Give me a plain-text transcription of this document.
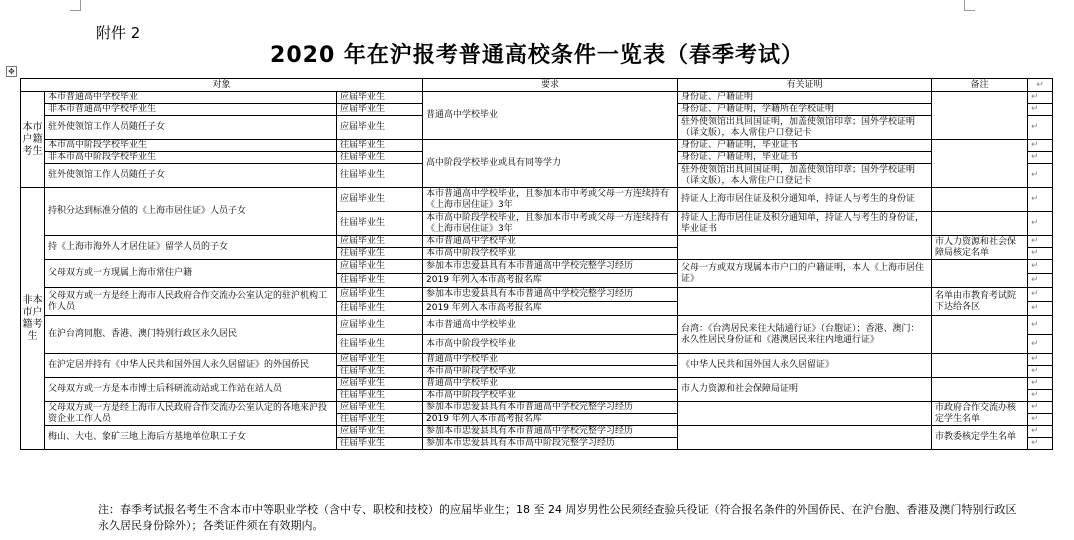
附件 2
2020 年在沪报考普通高校条件一览表（春季考试）
✥
对象			要求	有关证明	备注	↵
本市户籍考生	本市普通高中学校毕业	应届毕业生	普通高中学校毕业	身份证、户籍证明		↵
	非本市普通高中学校毕业生	应届毕业生		身份证、户籍证明，学籍所在学校证明		↵
	驻外使领馆工作人员随任子女	应届毕业生		驻外使领馆出具回国证明，加盖使领馆印章；国外学校证明（译文版），本人常住户口登记卡		↵
	本市高中阶段学校毕业生	往届毕业生	高中阶段学校毕业或具有同等学力	身份证、户籍证明，毕业证书		↵
	非本市高中阶段学校毕业生	往届毕业生		身份证、户籍证明，毕业证书		↵
	驻外使领馆工作人员随任子女	往届毕业生		驻外使领馆出具回国证明，加盖使领馆印章；国外学校证明（译文版），本人常住户口登记卡		↵
非本市户籍考生	持积分达到标准分值的《上海市居住证》人员子女	应届毕业生	本市普通高中学校毕业，且参加本市中考或父母一方连续持有《上海市居住证》3年	持证人上海市居住证及积分通知单，持证人与考生的身份证		↵
		往届毕业生	本市高中阶段学校毕业，且参加本市中考或父母一方连续持有《上海市居住证》3年	持证人上海市居住证及积分通知单，持证人与考生的身份证，毕业证书		↵
	持《上海市海外人才居住证》留学人员的子女	应届毕业生	本市普通高中学校毕业		市人力资源和社会保障局核定名单	↵
		往届毕业生	本市高中阶段学校毕业			↵
	父母双方或一方现属上海市常住户籍	应届毕业生	参加本市忠爱县具有本市普通高中学校完整学习经历	父母一方或双方现属本市户口的户籍证明，本人《上海市居住证》		↵
		往届毕业生	2019 年列入本市高考报名库			↵
	父母双方或一方是经上海市人民政府合作交流办公室认定的驻沪机构工作人员	应届毕业生	参加本市忠爱县具有本市普通高中学校完整学习经历		名单由市教育考试院下达给各区	↵
		往届毕业生	2019 年列入本市高考报名库			↵
	在沪台湾同胞、香港、澳门特别行政区永久居民	应届毕业生	本市普通高中学校毕业	台湾：《台湾居民来往大陆通行证》（台胞证）；香港、澳门：永久性居民身份证和《港澳居民来往内地通行证》		↵
		往届毕业生	本市高中阶段学校毕业			↵
	在沪定居并持有《中华人民共和国外国人永久居留证》的外国侨民	应届毕业生	普通高中学校毕业	《中华人民共和国外国人永久居留证》		↵
		往届毕业生	本市高中阶段学校毕业			↵
	父母双方或一方是本市博士后科研流动站或工作站在站人员	应届毕业生	普通高中学校毕业	市人力资源和社会保障局证明		↵
		往届毕业生	本市高中阶段学校毕业			↵
	父母双方或一方是经上海市人民政府合作交流办公室认定的各地来沪投资企业工作人员	应届毕业生	参加本市忠爱县具有本市普通高中学校完整学习经历		市政府合作交流办核定学生名单	↵
		往届毕业生	2019 年列入本市高考报名库			↵
	梅山、大屯、象矿三地上海后方基地单位职工子女	应届毕业生	参加本市忠爱县具有本市普通高中学校完整学习经历		市教委核定学生名单	↵
		往届毕业生	参加本市忠爱县具有本市高中阶段完整学习经历			↵
注：春季考试报名考生不含本市中等职业学校（含中专、职校和技校）的应届毕业生；18 至 24 周岁男性公民须经查验兵役证（符合报名条件的外国侨民、在沪台胞、香港及澳门特别行政区永久居民身份除外）；各类证件须在有效期内。
